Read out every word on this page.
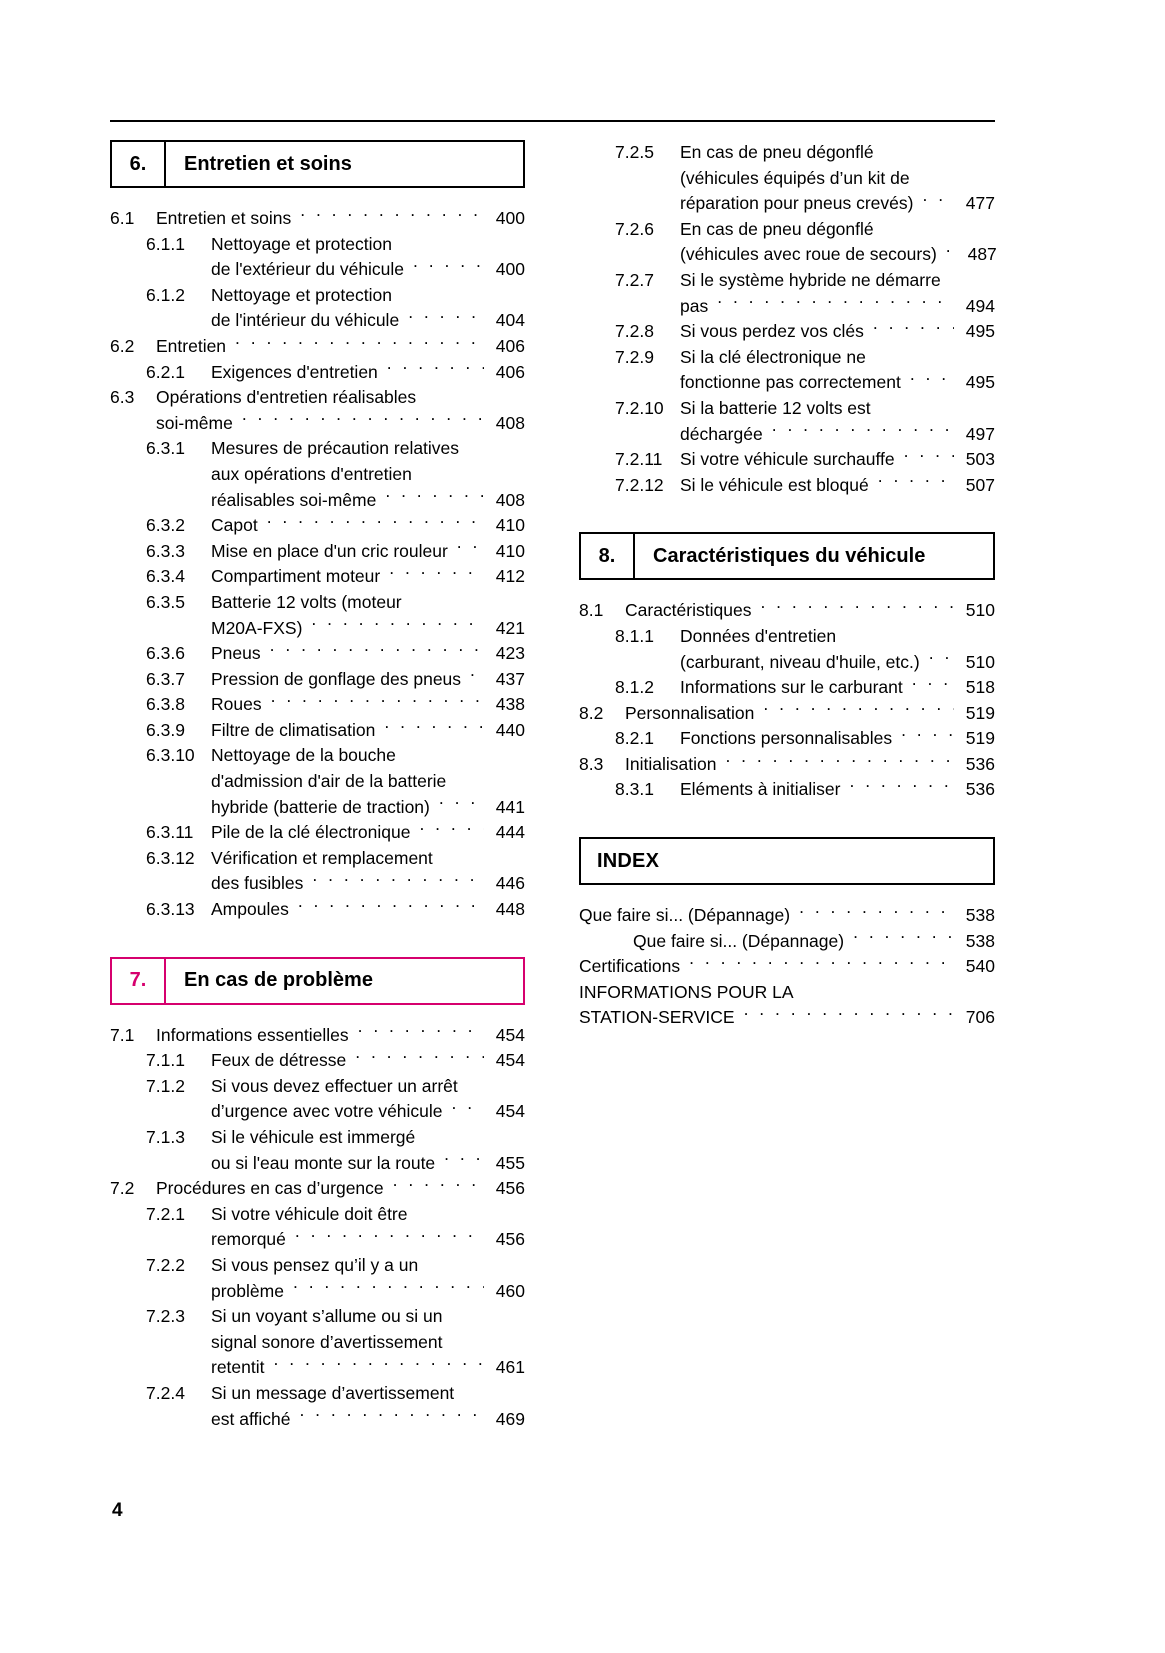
6.	Entretien et soins
6.1	Entretien et soins . . .	400
6.1.1	Nettoyage et protection
de l'extérieur du véhicule . . .	400
6.1.2	Nettoyage et protection
de l'intérieur du véhicule . . .	404
6.2	Entretien . . .	406
6.2.1	Exigences d'entretien . . .	406
6.3	Opérations d'entretien réalisables
soi-même . . .	408
6.3.1	Mesures de précaution relatives
aux opérations d'entretien
réalisables soi-même . . .	408
6.3.2	Capot . . .	410
6.3.3	Mise en place d'un cric rouleur . . .	410
6.3.4	Compartiment moteur . . .	412
6.3.5	Batterie 12 volts (moteur
M20A-FXS) . . .	421
6.3.6	Pneus . . .	423
6.3.7	Pression de gonflage des pneus . . . 437
6.3.8	Roues . . .	438
6.3.9	Filtre de climatisation . . .	440
6.3.10 Nettoyage de la bouche
d'admission d'air de la batterie
hybride (batterie de traction) . . .	441
6.3.11	Pile de la clé électronique . . .	444
6.3.12 Vérification et remplacement
des fusibles . . .	446
6.3.13 Ampoules . . .	448
7.	En cas de problème
7.1	Informations essentielles . . .	454
7.1.1	Feux de détresse . . .	454
7.1.2	Si vous devez effectuer un arrêt
d’urgence avec votre véhicule . . .	454
7.1.3	Si le véhicule est immergé
ou si l'eau monte sur la route . . .	455
7.2	Procédures en cas d’urgence . . .	456
7.2.1	Si votre véhicule doit être
remorqué . . .	456
7.2.2	Si vous pensez qu’il y a un
problème . . .	460
7.2.3	Si un voyant s’allume ou si un
signal sonore d’avertissement
retentit . . .	461
7.2.4	Si un message d’avertissement
est affiché . . .	469
7.2.5	En cas de pneu dégonflé
(véhicules équipés d’un kit de
réparation pour pneus crevés) . . .	477
7.2.6	En cas de pneu dégonflé
(véhicules avec roue de secours) . . . 487
7.2.7	Si le système hybride ne démarre
pas . . .	494
7.2.8	Si vous perdez vos clés . . .	495
7.2.9	Si la clé électronique ne
fonctionne pas correctement . . .	495
7.2.10 Si la batterie 12 volts est
déchargée . . .	497
7.2.11	Si votre véhicule surchauffe . . .	503
7.2.12 Si le véhicule est bloqué . . .	507
8.	Caractéristiques du véhicule
8.1	Caractéristiques . . .	510
8.1.1	Données d'entretien
(carburant, niveau d'huile, etc.) . . .	510
8.1.2	Informations sur le carburant . . .	518
8.2	Personnalisation . . .	519
8.2.1	Fonctions personnalisables . . .	519
8.3	Initialisation . . .	536
8.3.1	Eléments à initialiser . . .	536
INDEX
Que faire si... (Dépannage) . . .	538
Que faire si... (Dépannage) . . .	538
Certifications . . .	540
INFORMATIONS POUR LA
STATION-SERVICE . . .	706
4
